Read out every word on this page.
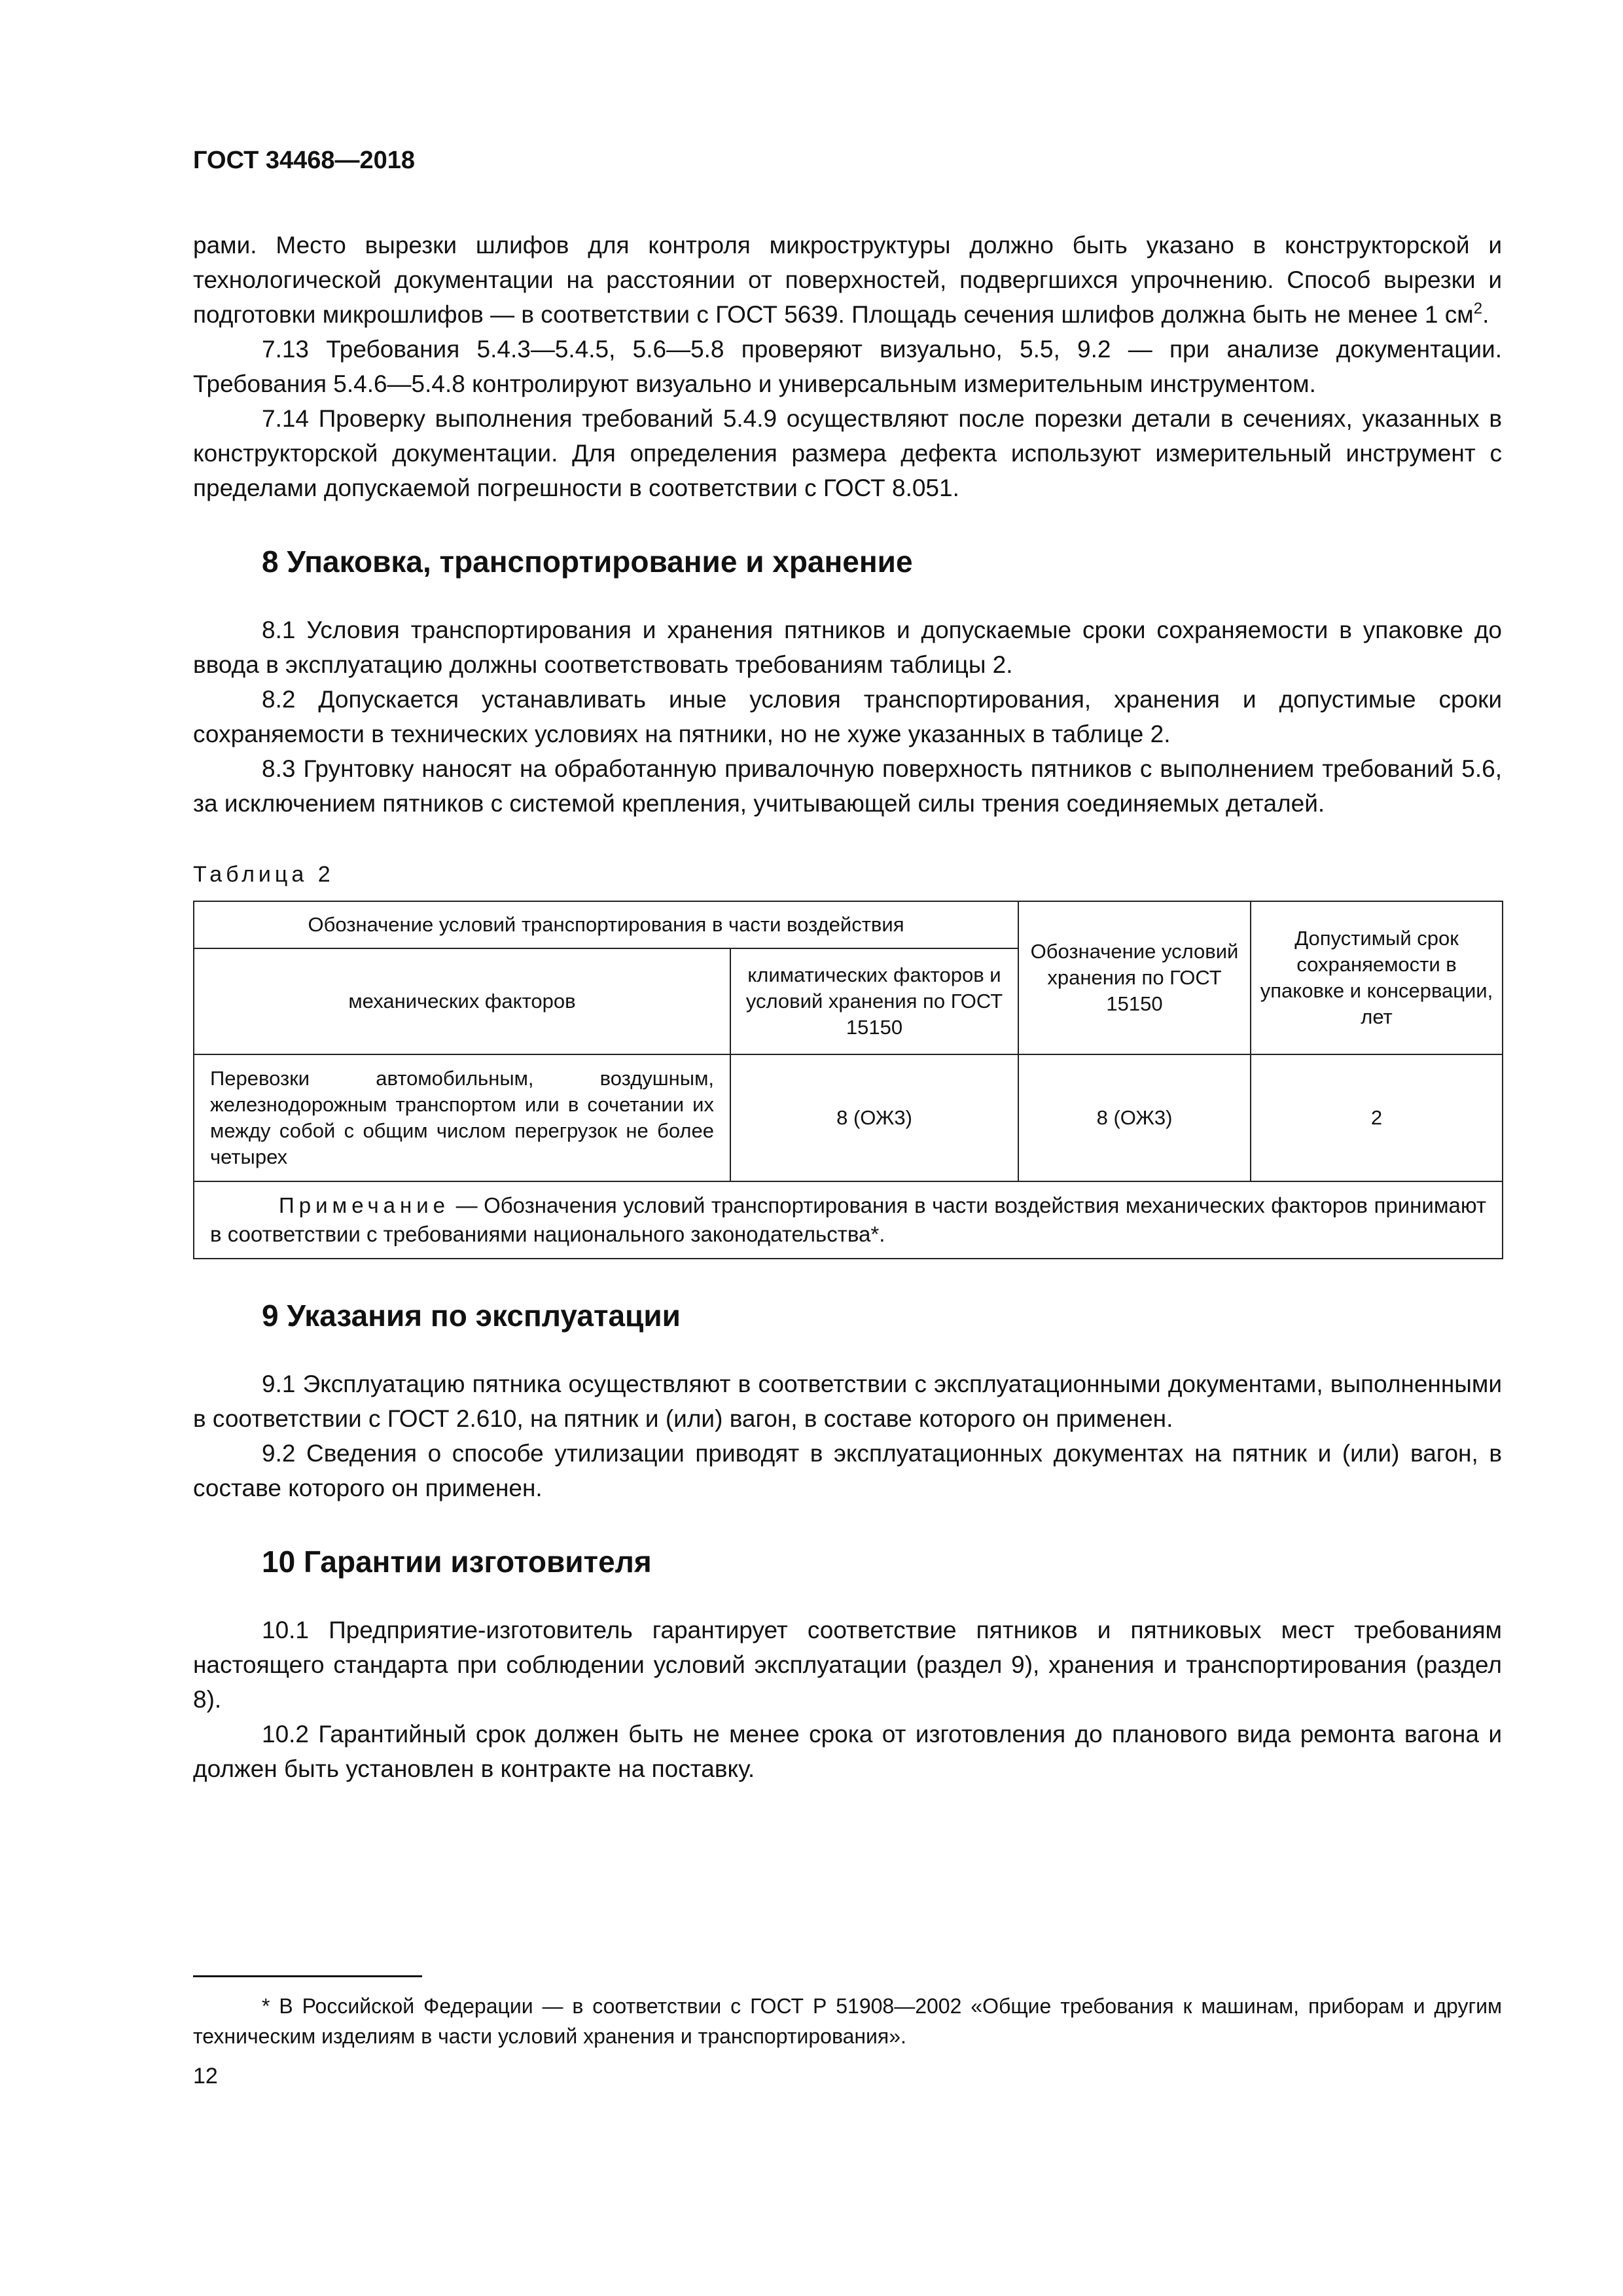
ГОСТ 34468—2018

рами. Место вырезки шлифов для контроля микроструктуры должно быть указано в конструкторской и технологической документации на расстоянии от поверхностей, подвергшихся упрочнению. Способ вырезки и подготовки микрошлифов — в соответствии с ГОСТ 5639. Площадь сечения шлифов должна быть не менее 1 $см^2$.

7.13 Требования 5.4.3—5.4.5, 5.6—5.8 проверяют визуально, 5.5, 9.2 — при анализе документации. Требования 5.4.6—5.4.8 контролируют визуально и универсальным измерительным инструментом.

7.14 Проверку выполнения требований 5.4.9 осуществляют после порезки детали в сечениях, указанных в конструкторской документации. Для определения размера дефекта используют измерительный инструмент с пределами допускаемой погрешности в соответствии с ГОСТ 8.051.

8 Упаковка, транспортирование и хранение

8.1 Условия транспортирования и хранения пятников и допускаемые сроки сохраняемости в упаковке до ввода в эксплуатацию должны соответствовать требованиям таблицы 2.

8.2 Допускается устанавливать иные условия транспортирования, хранения и допустимые сроки сохраняемости в технических условиях на пятники, но не хуже указанных в таблице 2.

8.3 Грунтовку наносят на обработанную привалочную поверхность пятников с выполнением требований 5.6, за исключением пятников с системой крепления, учитывающей силы трения соединяемых деталей.

Таблица 2
Обозначение условий транспортирования в части воздействия		Обозначение условий хранения по ГОСТ 15150	Допустимый срок сохраняемости в упаковке и консервации, лет
механических факторов	климатических факторов и условий хранения по ГОСТ 15150		
Перевозки автомобильным, воздушным, железнодорожным транспортом или в сочетании их между собой с общим числом перегрузок не более четырех	8 (ОЖ3)	8 (ОЖ3)	2
Примечание — Обозначения условий транспортирования в части воздействия механических факторов принимают в соответствии с требованиями национального законодательства*.			
9 Указания по эксплуатации

9.1 Эксплуатацию пятника осуществляют в соответствии с эксплуатационными документами, выполненными в соответствии с ГОСТ 2.610, на пятник и (или) вагон, в составе которого он применен.

9.2 Сведения о способе утилизации приводят в эксплуатационных документах на пятник и (или) вагон, в составе которого он применен.

10 Гарантии изготовителя

10.1 Предприятие-изготовитель гарантирует соответствие пятников и пятниковых мест требованиям настоящего стандарта при соблюдении условий эксплуатации (раздел 9), хранения и транспортирования (раздел 8).

10.2 Гарантийный срок должен быть не менее срока от изготовления до планового вида ремонта вагона и должен быть установлен в контракте на поставку.

* В Российской Федерации — в соответствии с ГОСТ Р 51908—2002 «Общие требования к машинам, приборам и другим техническим изделиям в части условий хранения и транспортирования».
12
